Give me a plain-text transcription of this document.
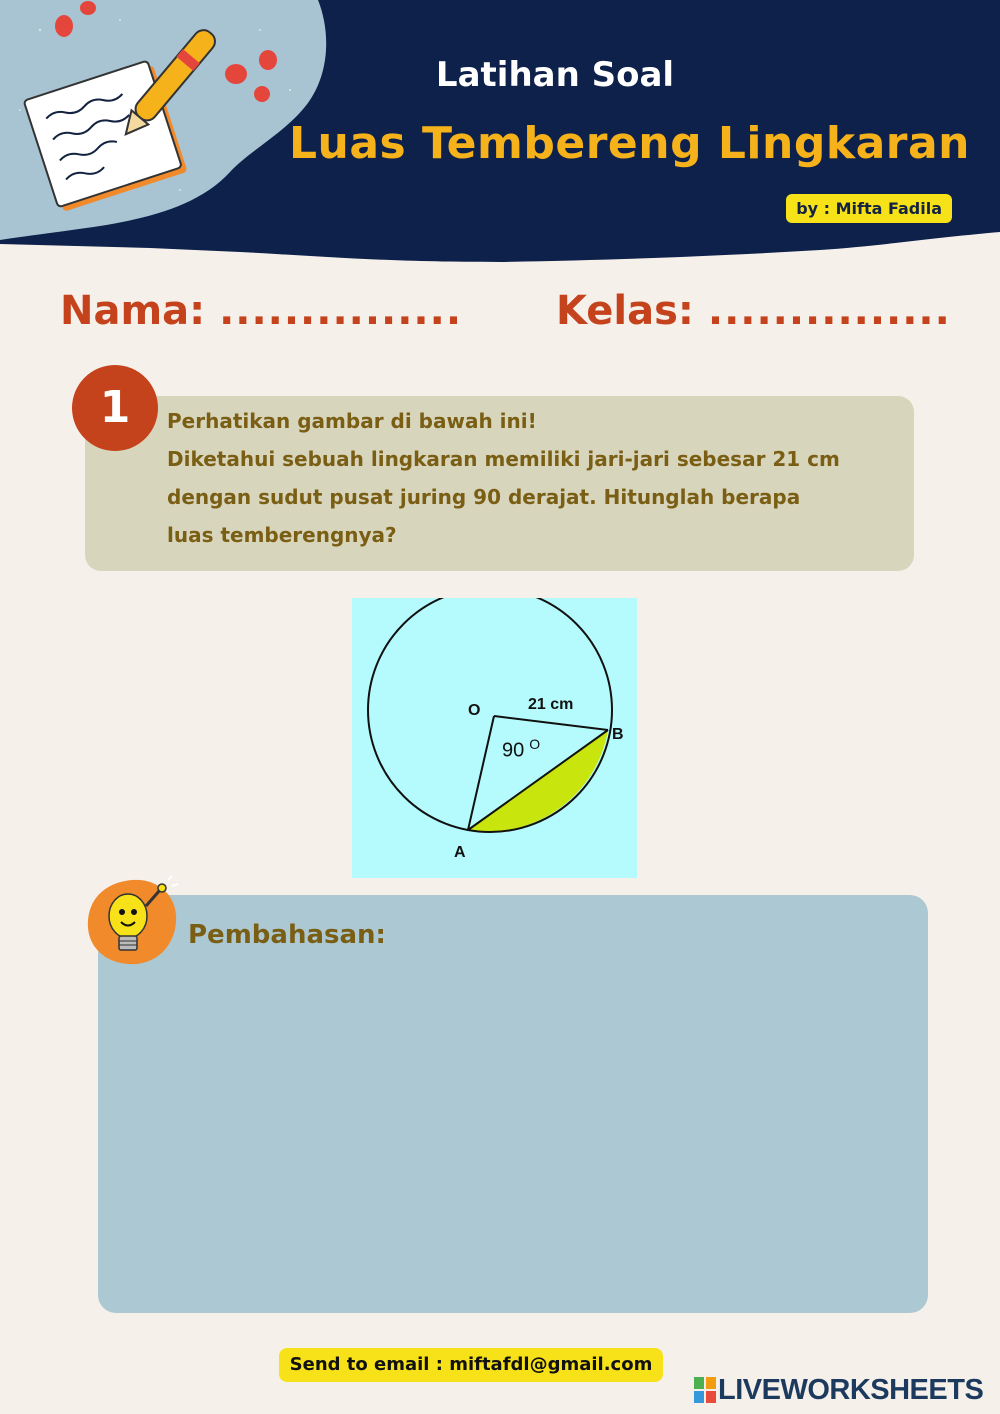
Latihan Soal
Luas Tembereng Lingkaran
by : Mifta Fadila
Nama: ............... Kelas: ...............
1	Perhatikan gambar di bawah ini!

Diketahui sebuah lingkaran memiliki jari-jari sebesar 21 cm

dengan sudut pusat juring 90 derajat. Hitunglah berapa

luas temberengnya?

O	21 cm
90 $^O$
B
A
Pembahasan:
Send to email : miftafdl@gmail.com
LIVEWORKSHEETS
